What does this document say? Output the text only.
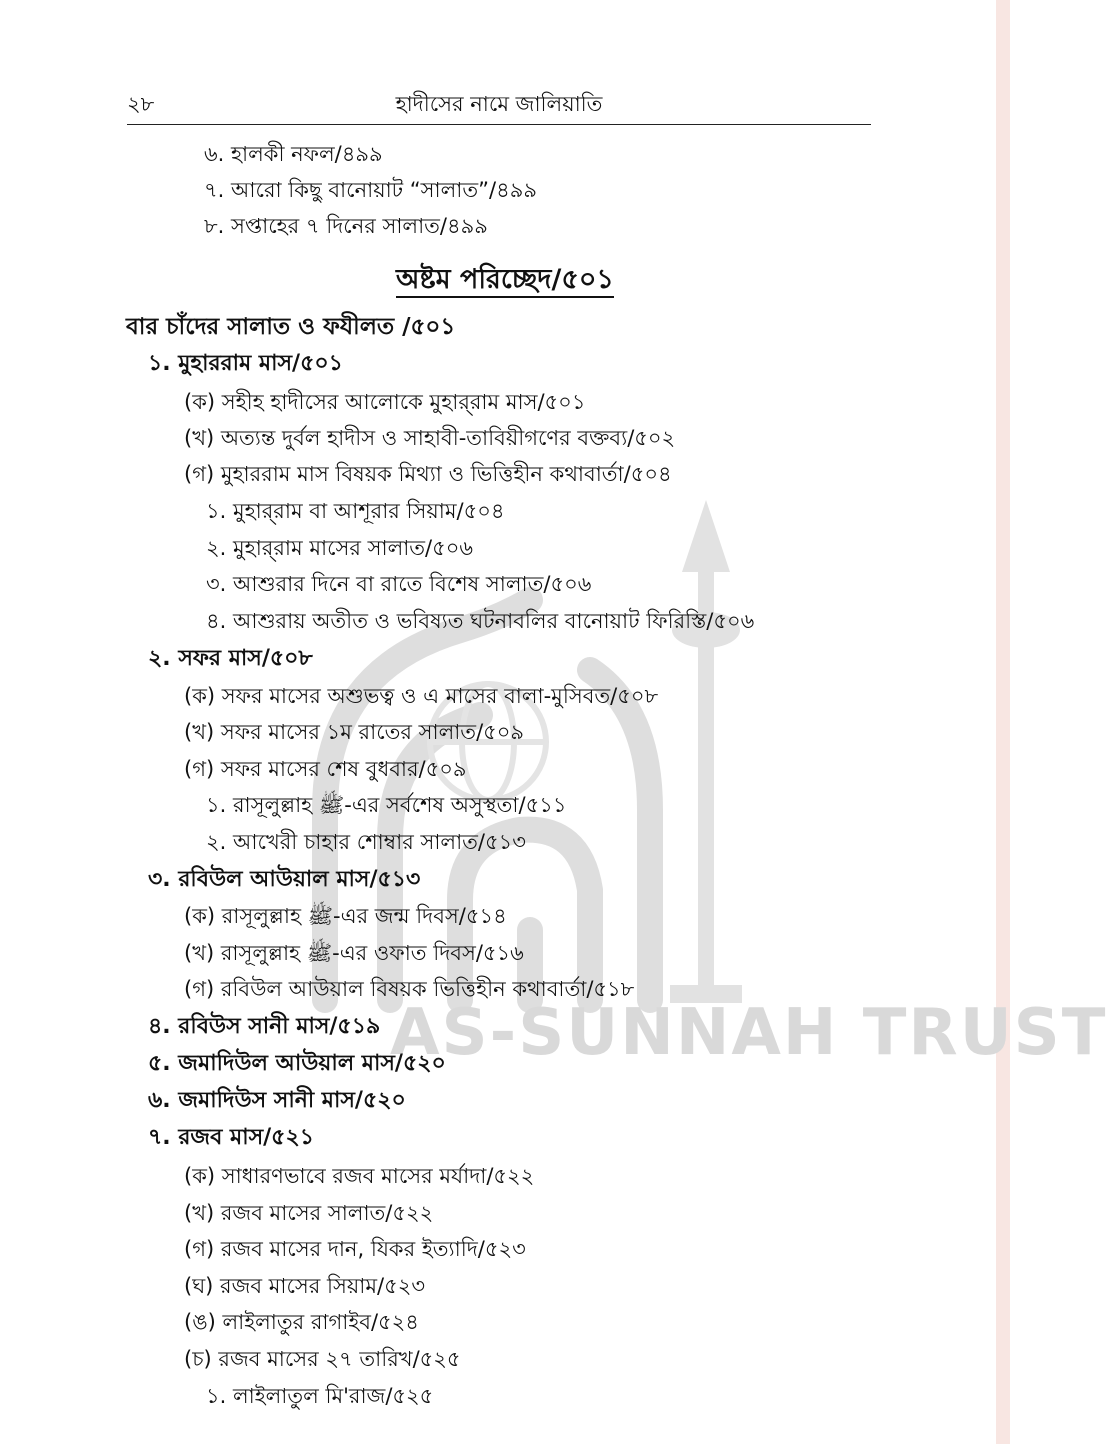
AS-SUNNAH TRUST
২৮	হাদীসের নামে জালিয়াতি
৬. হালকী নফল/৪৯৯
৭. আরো কিছু বানোয়াট “সালাত”/৪৯৯
৮. সপ্তাহের ৭ দিনের সালাত/৪৯৯
অষ্টম পরিচ্ছেদ/৫০১
বার চাঁদের সালাত ও ফযীলত /৫০১
১. মুহাররাম মাস/৫০১
(ক) সহীহ হাদীসের আলোকে মুহার্‌রাম মাস/৫০১
(খ) অত্যন্ত দুর্বল হাদীস ও সাহাবী-তাবিয়ীগণের বক্তব্য/৫০২
(গ) মুহাররাম মাস বিষয়ক মিথ্যা ও ভিত্তিহীন কথাবার্তা/৫০৪
১. মুহার্‌রাম বা আশূরার সিয়াম/৫০৪
২. মুহার্‌রাম মাসের সালাত/৫০৬
৩. আশুরার দিনে বা রাতে বিশেষ সালাত/৫০৬
৪. আশুরায় অতীত ও ভবিষ্যত ঘটনাবলির বানোয়াট ফিরিস্তি/৫০৬
২. সফর মাস/৫০৮
(ক) সফর মাসের অশুভত্ব ও এ মাসের বালা-মুসিবত/৫০৮
(খ) সফর মাসের ১ম রাতের সালাত/৫০৯
(গ) সফর মাসের শেষ বুধবার/৫০৯
১. রাসূলুল্লাহ ﷺ-এর সর্বশেষ অসুস্থতা/৫১১
২. আখেরী চাহার শোম্বার সালাত/৫১৩
৩. রবিউল আউয়াল মাস/৫১৩
(ক) রাসূলুল্লাহ ﷺ-এর জন্ম দিবস/৫১৪
(খ) রাসূলুল্লাহ ﷺ-এর ওফাত দিবস/৫১৬
(গ) রবিউল আউয়াল বিষয়ক ভিত্তিহীন কথাবার্তা/৫১৮
৪. রবিউস সানী মাস/৫১৯
৫. জমাদিউল আউয়াল মাস/৫২০
৬. জমাদিউস সানী মাস/৫২০
৭. রজব মাস/৫২১
(ক) সাধারণভাবে রজব মাসের মর্যাদা/৫২২
(খ) রজব মাসের সালাত/৫২২
(গ) রজব মাসের দান, যিকর ইত্যাদি/৫২৩
(ঘ) রজব মাসের সিয়াম/৫২৩
(ঙ) লাইলাতুর রাগাইব/৫২৪
(চ) রজব মাসের ২৭ তারিখ/৫২৫
১. লাইলাতুল মি'রাজ/৫২৫
